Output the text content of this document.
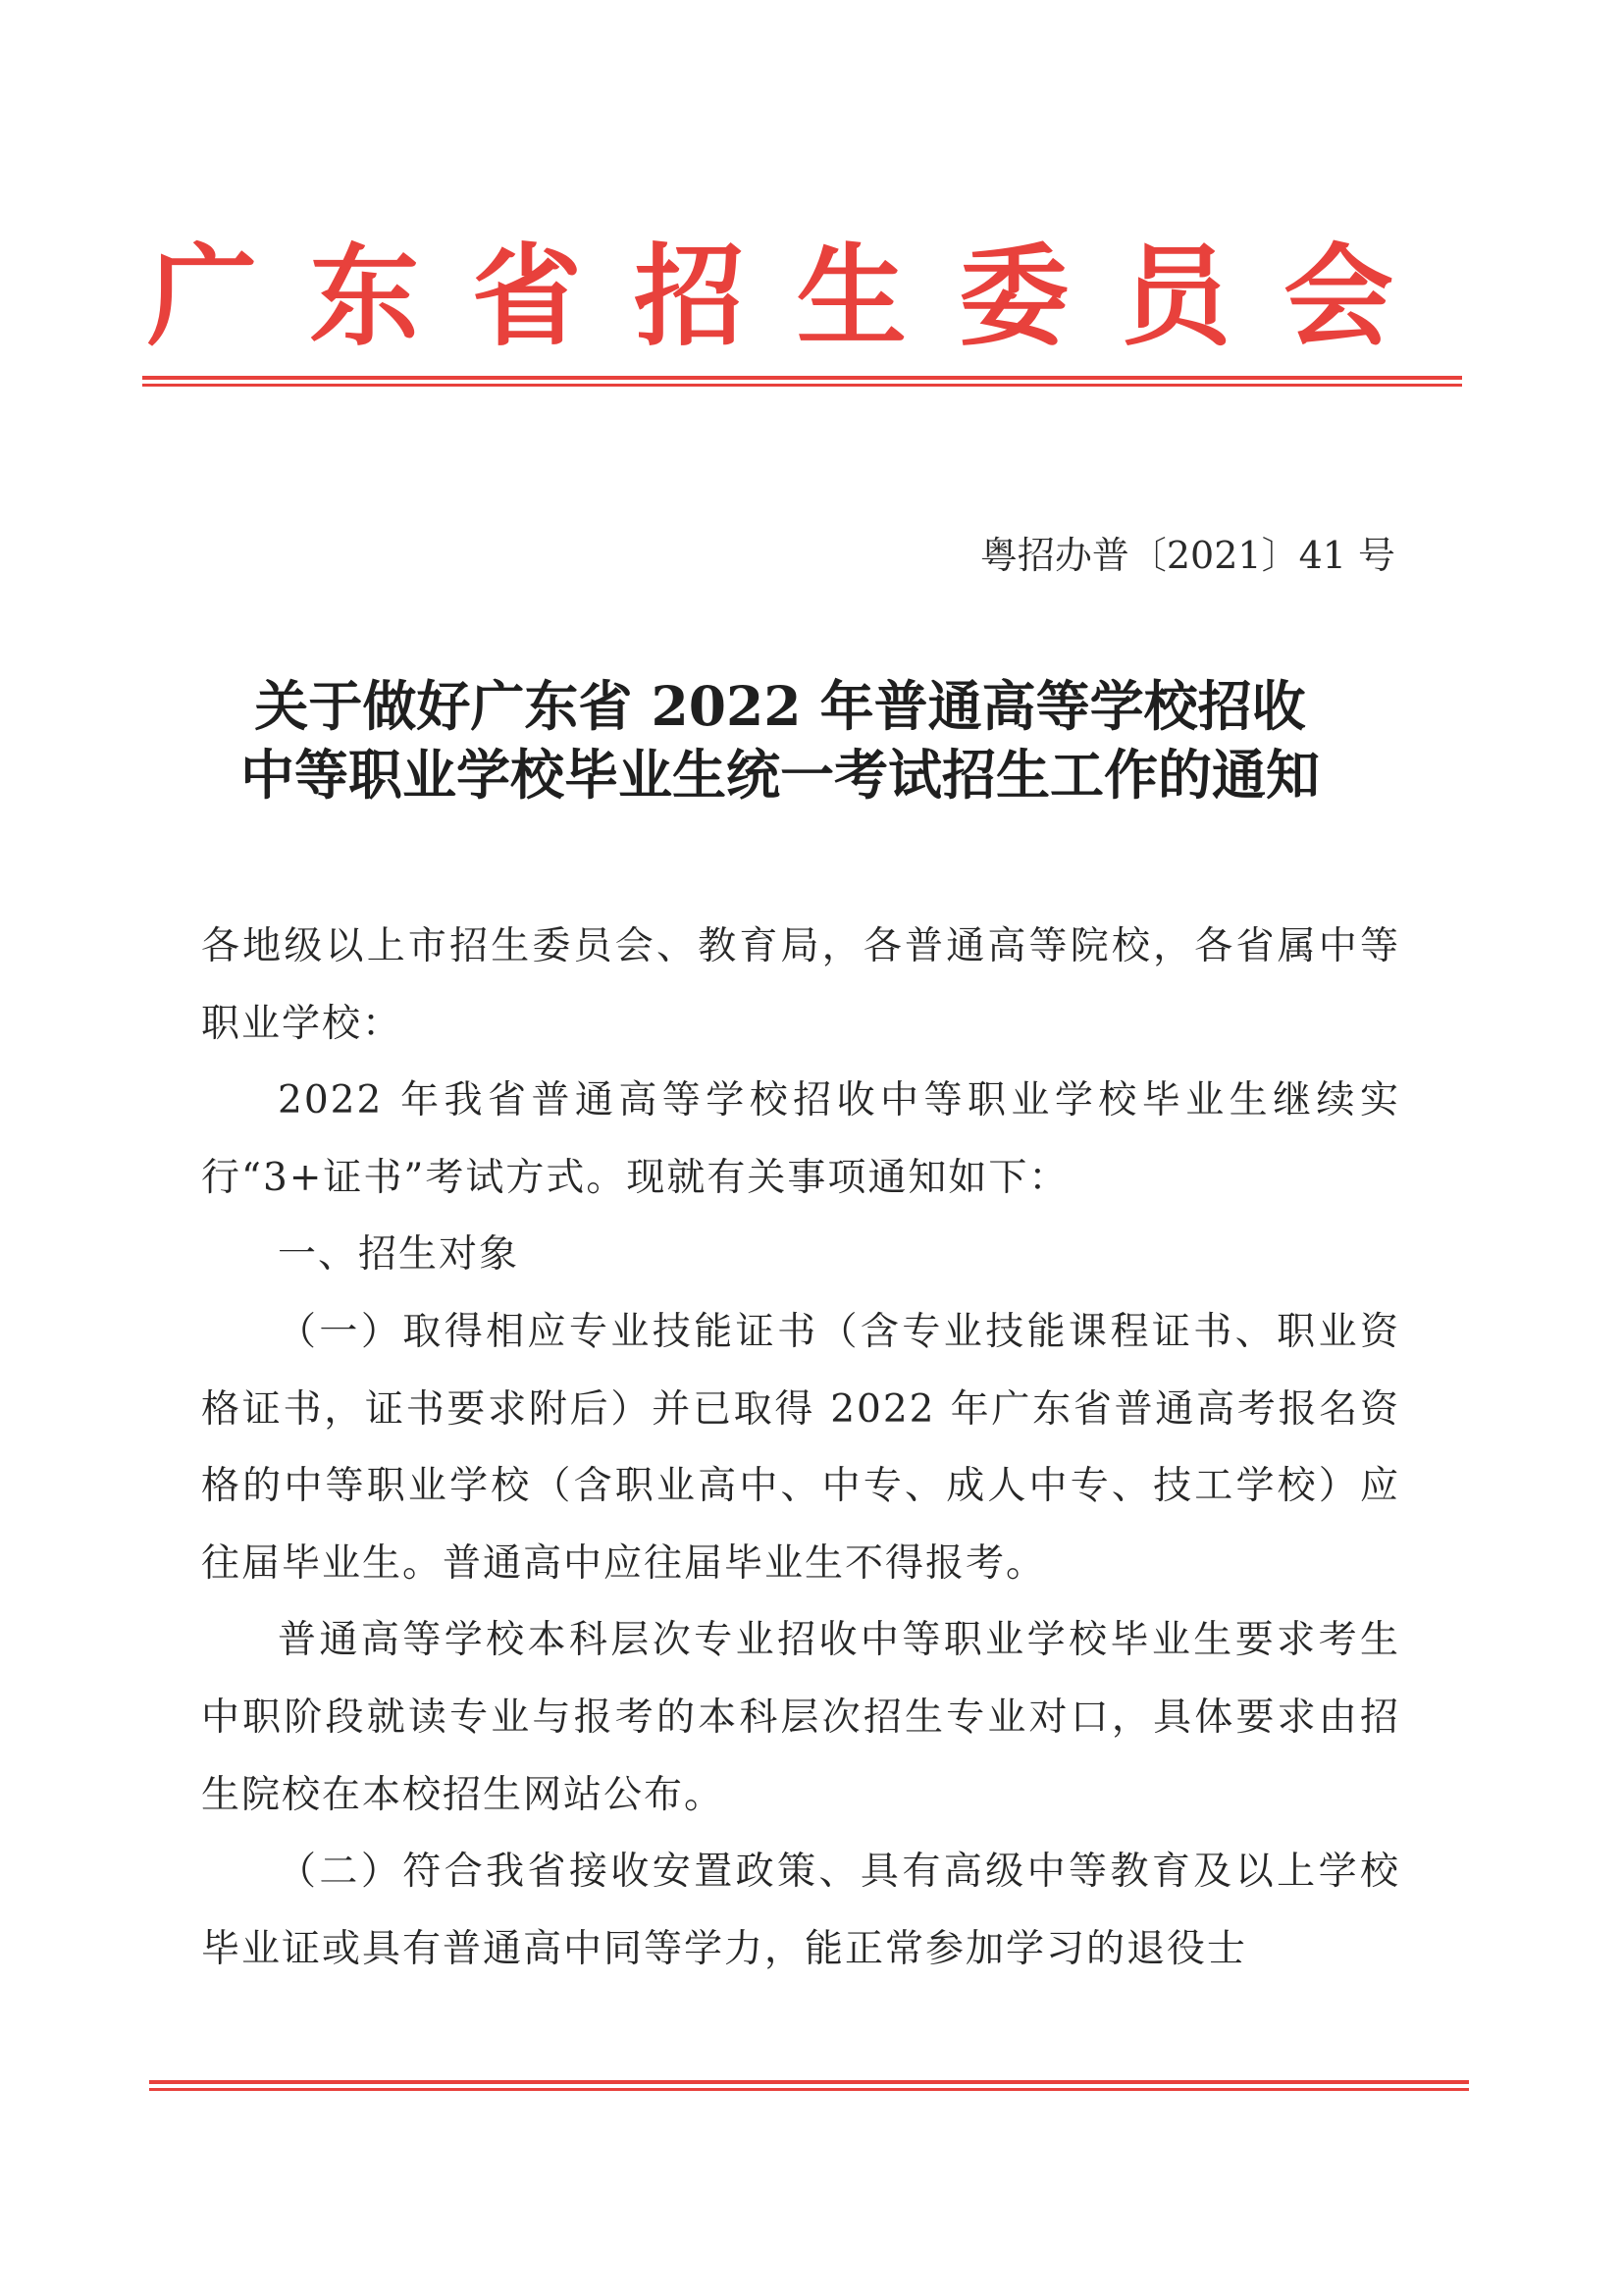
广 东 省 招 生 委 员 会
粤招办普〔2021〕41 号
关于做好广东省 2022 年普通高等学校招收
中等职业学校毕业生统一考试招生工作的通知

各地级以上市招生委员会、教育局，各普通高等院校，各省属中等职业学校：

2022 年我省普通高等学校招收中等职业学校毕业生继续实行“3+证书”考试方式。现就有关事项通知如下：

一、招生对象

（一）取得相应专业技能证书（含专业技能课程证书、职业资格证书，证书要求附后）并已取得 2022 年广东省普通高考报名资格的中等职业学校（含职业高中、中专、成人中专、技工学校）应往届毕业生。普通高中应往届毕业生不得报考。

普通高等学校本科层次专业招收中等职业学校毕业生要求考生中职阶段就读专业与报考的本科层次招生专业对口，具体要求由招生院校在本校招生网站公布。

（二）符合我省接收安置政策、具有高级中等教育及以上学校毕业证或具有普通高中同等学力，能正常参加学习的退役士
